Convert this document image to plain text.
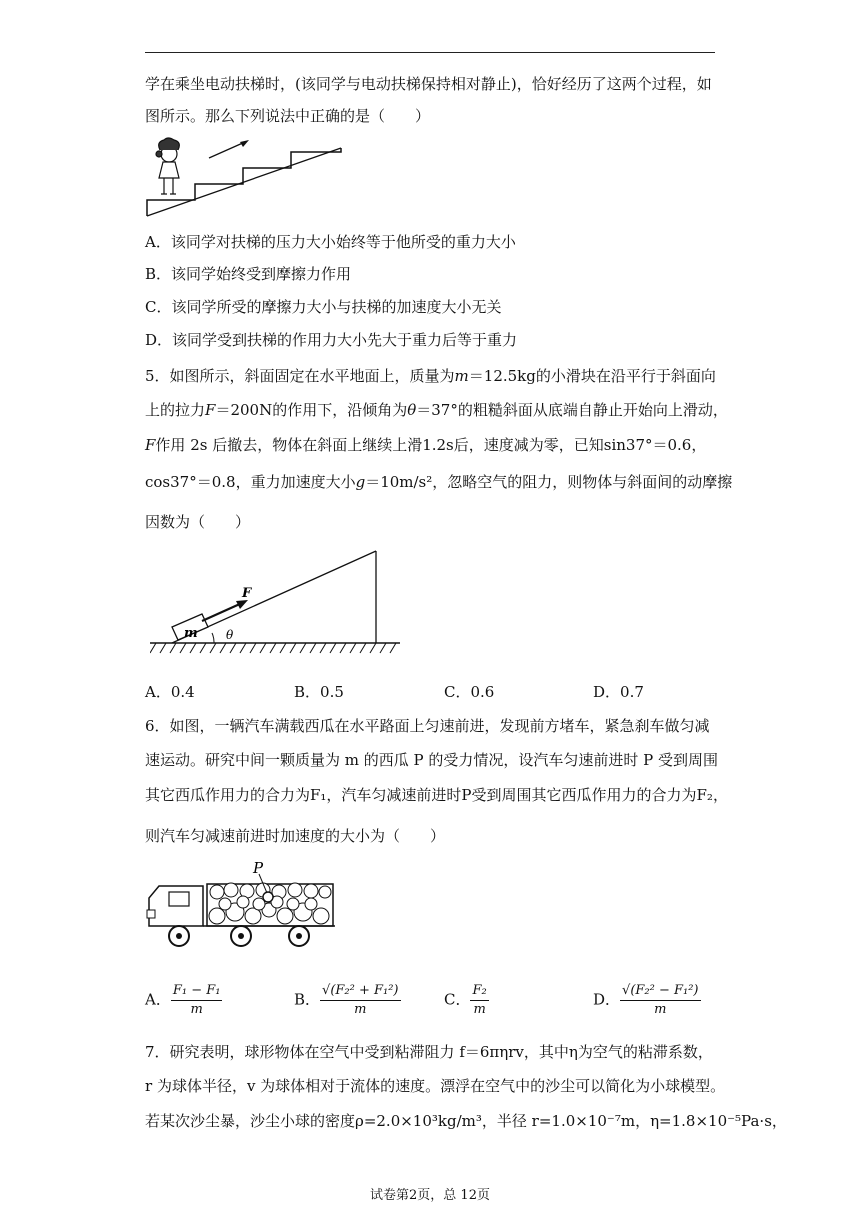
学在乘坐电动扶梯时，(该同学与电动扶梯保持相对静止)，恰好经历了这两个过程，如
图所示。那么下列说法中正确的是（　　）
A．该同学对扶梯的压力大小始终等于他所受的重力大小
B．该同学始终受到摩擦力作用
C．该同学所受的摩擦力大小与扶梯的加速度大小无关
D．该同学受到扶梯的作用力大小先大于重力后等于重力
5．如图所示，斜面固定在水平地面上，质量为m＝12.5kg的小滑块在沿平行于斜面向
上的拉力F＝200N的作用下，沿倾角为θ＝37°的粗糙斜面从底端自静止开始向上滑动，
F作用 2s 后撤去，物体在斜面上继续上滑1.2s后，速度减为零，已知sin37°＝0.6，
cos37°＝0.8，重力加速度大小g＝10m/s²，忽略空气的阻力，则物体与斜面间的动摩擦
因数为（　　）
m
F
θ
A．0.4	B．0.5	C．0.6	D．0.7
6．如图，一辆汽车满载西瓜在水平路面上匀速前进，发现前方堵车，紧急刹车做匀减
速运动。研究中间一颗质量为 m 的西瓜 P 的受力情况，设汽车匀速前进时 P 受到周围
其它西瓜作用力的合力为F₁，汽车匀减速前进时P受到周围其它西瓜作用力的合力为F₂，
则汽车匀减速前进时加速度的大小为（　　）
P
A． $\frac{\text{F₁ − F₁}}{m}$	B． $\frac{\text{√(F₂² + F₁²)}}{m}$	C． $\frac{\text{F₂}}{m}$	D． $\frac{\text{√(F₂² − F₁²)}}{m}$
7．研究表明，球形物体在空气中受到粘滞阻力 f＝6πηrv，其中η为空气的粘滞系数，
r 为球体半径，v 为球体相对于流体的速度。漂浮在空气中的沙尘可以简化为小球模型。
若某次沙尘暴，沙尘小球的密度ρ=2.0×10³kg/m³，半径 r=1.0×10⁻⁷m，η=1.8×10⁻⁵Pa·s，
试卷第2页，总 12页
